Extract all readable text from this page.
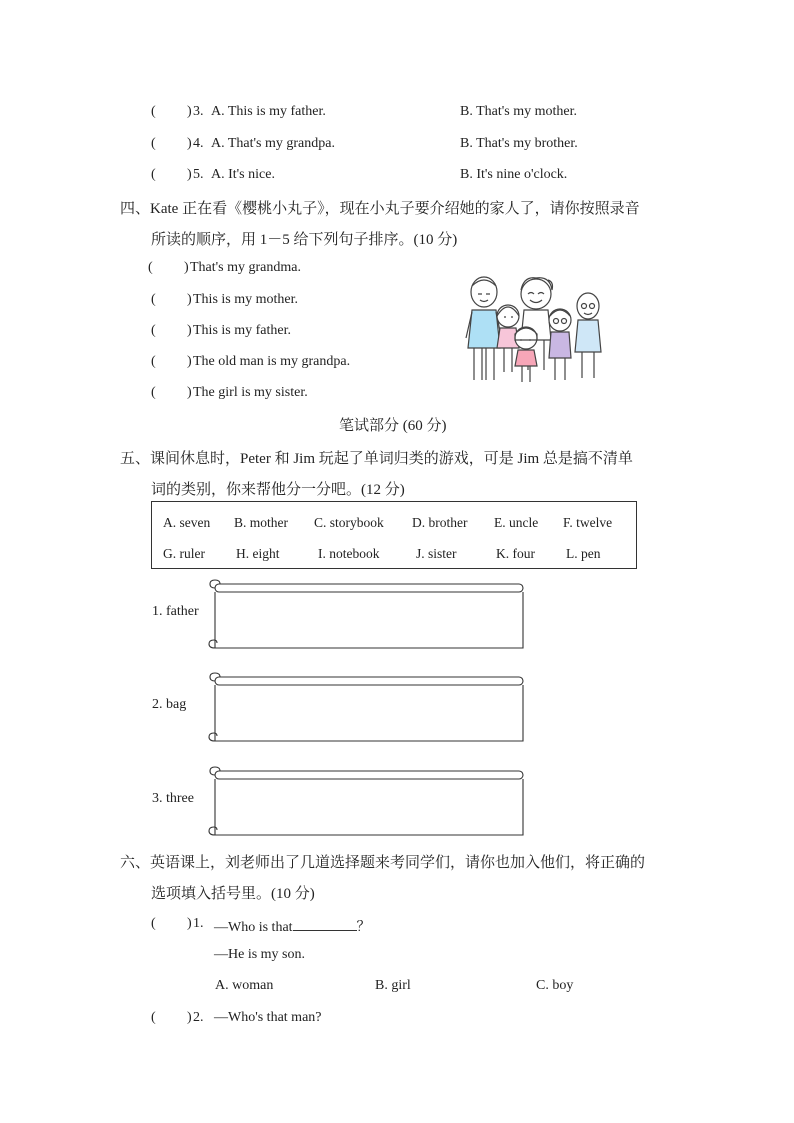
( ) 3. A. This is my father.	B. That's my mother.
( ) 4. A. That's my grandpa.	B. That's my brother.
( ) 5. A. It's nice.	B. It's nine o'clock.
四、Kate 正在看《樱桃小丸子》，现在小丸子要介绍她的家人了，请你按照录音
所读的顺序，用 1－5 给下列句子排序。(10 分)
( ) That's my grandma.
( ) This is my mother.
( ) This is my father.
( ) The old man is my grandpa.
( ) The girl is my sister.
笔试部分 (60 分)
五、课间休息时，Peter 和 Jim 玩起了单词归类的游戏，可是 Jim 总是搞不清单
词的类别，你来帮他分一分吧。(12 分)
A. seven B. mother C. storybook D. brother E. uncle F. twelve
G. ruler H. eight	I. notebook	J. sister	K. four L. pen
1. father
2. bag
3. three
六、英语课上，刘老师出了几道选择题来考同学们，请你也加入他们，将正确的
选项填入括号里。(10 分)
( ) 1. —Who is that	？
—He is my son.
A. woman	B. girl	C. boy
( ) 2. —Who's that man?
